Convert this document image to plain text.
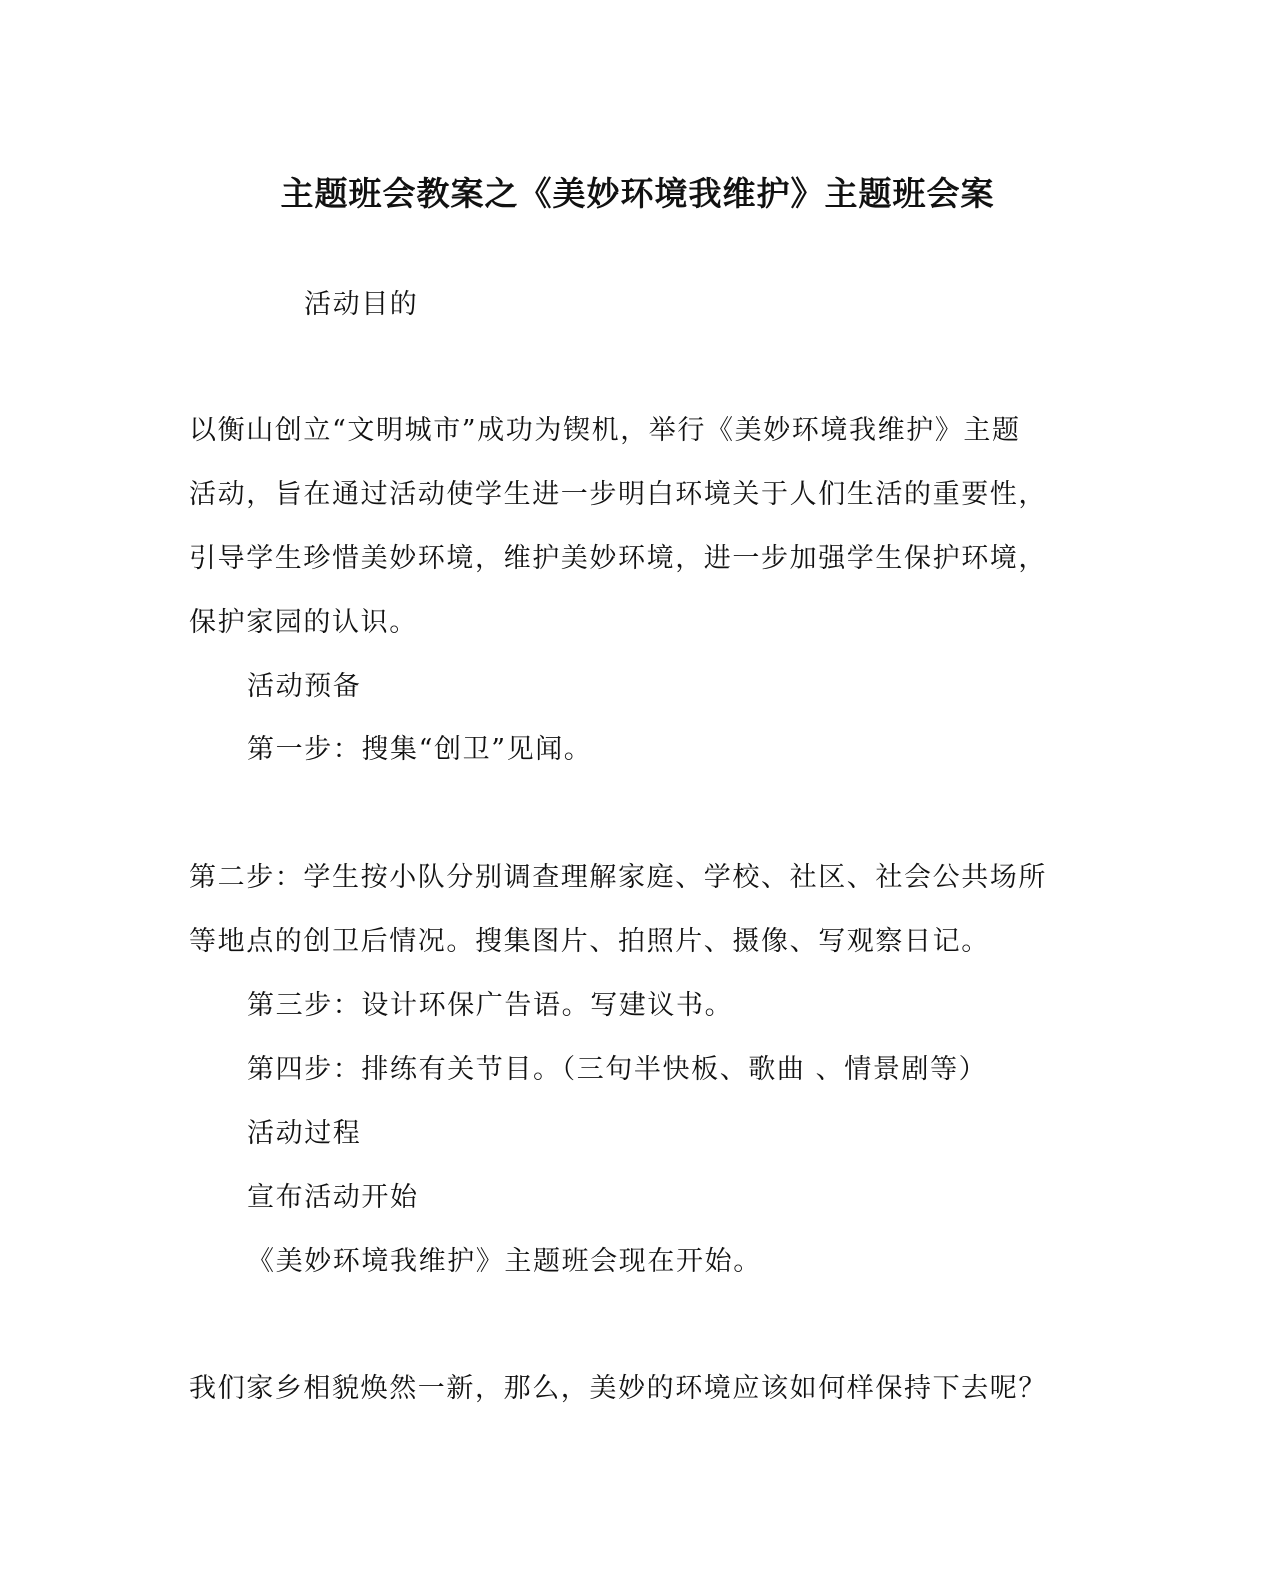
主题班会教案之《美妙环境我维护》主题班会案

活动目的

以衡山创立“文明城市”成功为锲机，举行《美妙环境我维护》主题

活动，旨在通过活动使学生进一步明白环境关于人们生活的重要性，

引导学生珍惜美妙环境，维护美妙环境，进一步加强学生保护环境，

保护家园的认识。

活动预备

第一步：搜集“创卫”见闻。

第二步：学生按小队分别调查理解家庭、学校、社区、社会公共场所

等地点的创卫后情况。搜集图片、拍照片、摄像、写观察日记。

第三步：设计环保广告语。写建议书。

第四步：排练有关节目。（三句半快板、歌曲 、情景剧等）

活动过程

宣布活动开始

《美妙环境我维护》主题班会现在开始。

我们家乡相貌焕然一新，那么，美妙的环境应该如何样保持下去呢？
